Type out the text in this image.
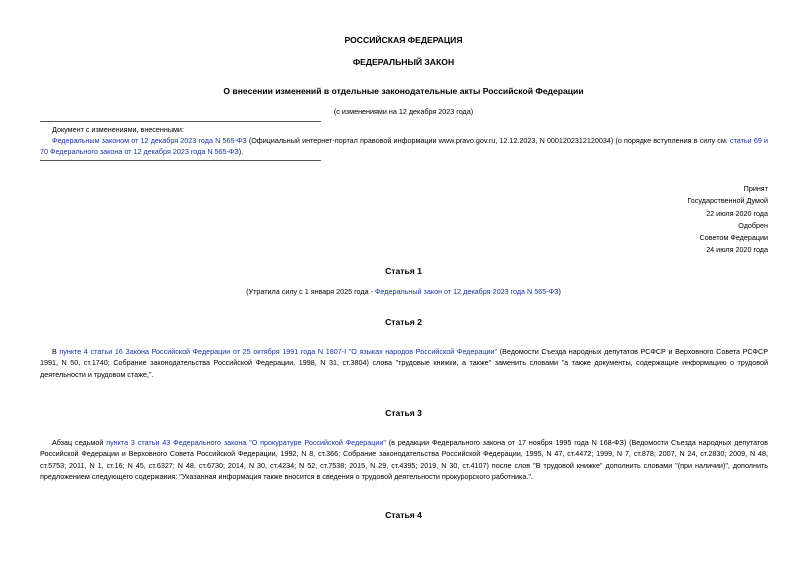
РОССИЙСКАЯ ФЕДЕРАЦИЯ
ФЕДЕРАЛЬНЫЙ ЗАКОН
О внесении изменений в отдельные законодательные акты Российской Федерации
(с изменениями на 12 декабря 2023 года)
Документ с изменениями, внесенными:
Федеральным законом от 12 декабря 2023 года N 565-ФЗ (Официальный интернет-портал правовой информации www.pravo.gov.ru, 12.12.2023, N 0001202312120034) (о порядке вступления в силу см. статьи 69 и 70 Федерального закона от 12 декабря 2023 года N 565-ФЗ).
Принят
Государственной Думой
22 июля 2020 года
Одобрен
Советом Федерации
24 июля 2020 года
Статья 1
(Утратила силу с 1 января 2025 года - Федеральный закон от 12 декабря 2023 года N 565-ФЗ)
Статья 2
В пункте 4 статьи 16 Закона Российской Федерации от 25 октября 1991 года N 1807-I "О языках народов Российской Федерации" (Ведомости Съезда народных депутатов РСФСР и Верховного Совета РСФСР 1991, N 50, ст.1740; Собрание законодательства Российской Федерации, 1998, N 31, ст.3804) слова "трудовые книжки, а также" заменить словами "а также документы, содержащие информацию о трудовой деятельности и трудовом стаже,".
Статья 3
Абзац седьмой пункта 3 статьи 43 Федерального закона "О прокуратуре Российской Федерации" (в редакции Федерального закона от 17 ноября 1995 года N 168-ФЗ) (Ведомости Съезда народных депутатов Российской Федерации и Верховного Совета Российской Федерации, 1992, N 8, ст.366; Собрание законодательства Российской Федерации, 1995, N 47, ст.4472; 1999, N 7, ст.878; 2007, N 24, ст.2830; 2009, N 48, ст.5753; 2011, N 1, ст.16; N 45, ст.6327; N 48, ст.6730; 2014, N 30, ст.4234; N 52, ст.7538; 2015, N 29, ст.4395; 2019, N 30, ст.4107) после слов "В трудовой книжке" дополнить словами "(при наличии)", дополнить предложением следующего содержания: "Указанная информация также вносится в сведения о трудовой деятельности прокурорского работника.".
Статья 4
